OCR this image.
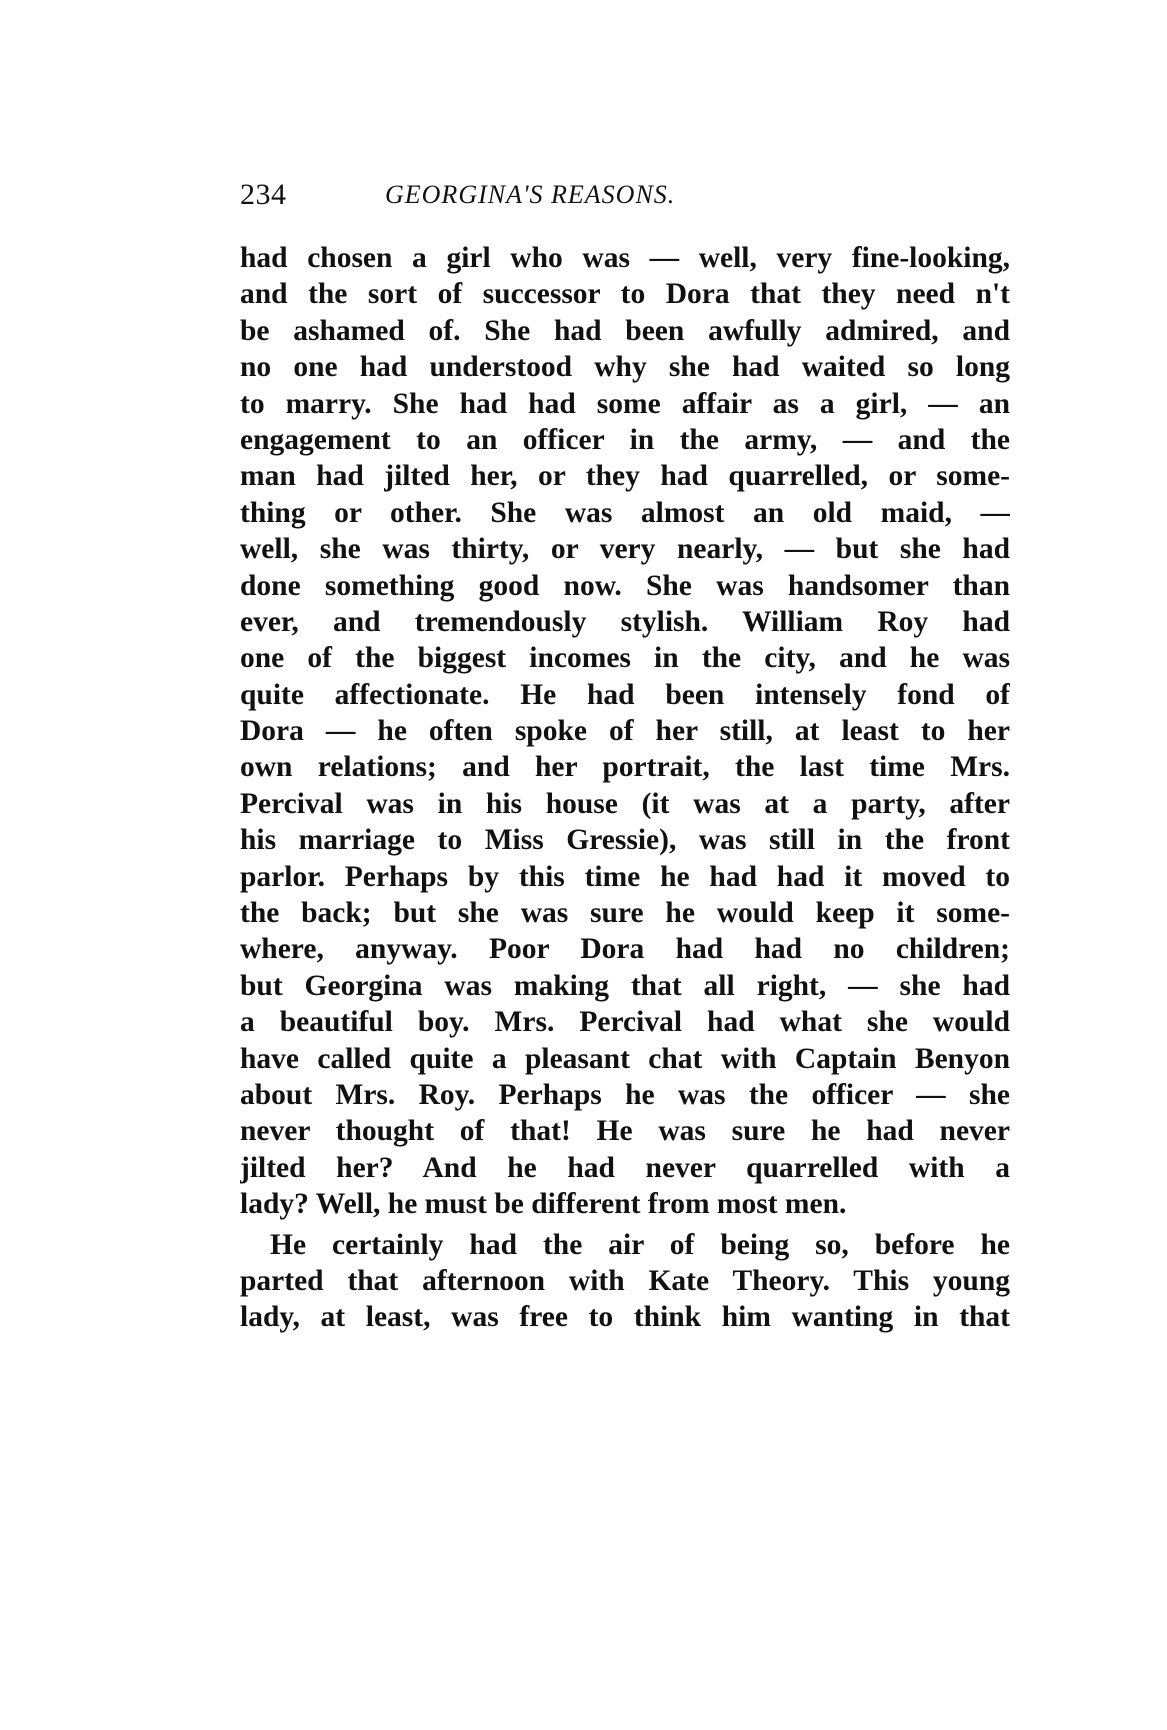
234	GEORGINA'S REASONS.
had chosen a girl who was — well, very fine-looking,
and the sort of successor to Dora that they need n't
be ashamed of. She had been awfully admired, and
no one had understood why she had waited so long
to marry. She had had some affair as a girl, — an
engagement to an officer in the army, — and the
man had jilted her, or they had quarrelled, or some-
thing or other. She was almost an old maid, —
well, she was thirty, or very nearly, — but she had
done something good now. She was handsomer than
ever, and tremendously stylish. William Roy had
one of the biggest incomes in the city, and he was
quite affectionate. He had been intensely fond of
Dora — he often spoke of her still, at least to her
own relations; and her portrait, the last time Mrs.
Percival was in his house (it was at a party, after
his marriage to Miss Gressie), was still in the front
parlor. Perhaps by this time he had had it moved to
the back; but she was sure he would keep it some-
where, anyway. Poor Dora had had no children;
but Georgina was making that all right, — she had
a beautiful boy. Mrs. Percival had what she would
have called quite a pleasant chat with Captain Benyon
about Mrs. Roy. Perhaps he was the officer — she
never thought of that! He was sure he had never
jilted her? And he had never quarrelled with a
lady? Well, he must be different from most men.
He certainly had the air of being so, before he
parted that afternoon with Kate Theory. This young
lady, at least, was free to think him wanting in that
